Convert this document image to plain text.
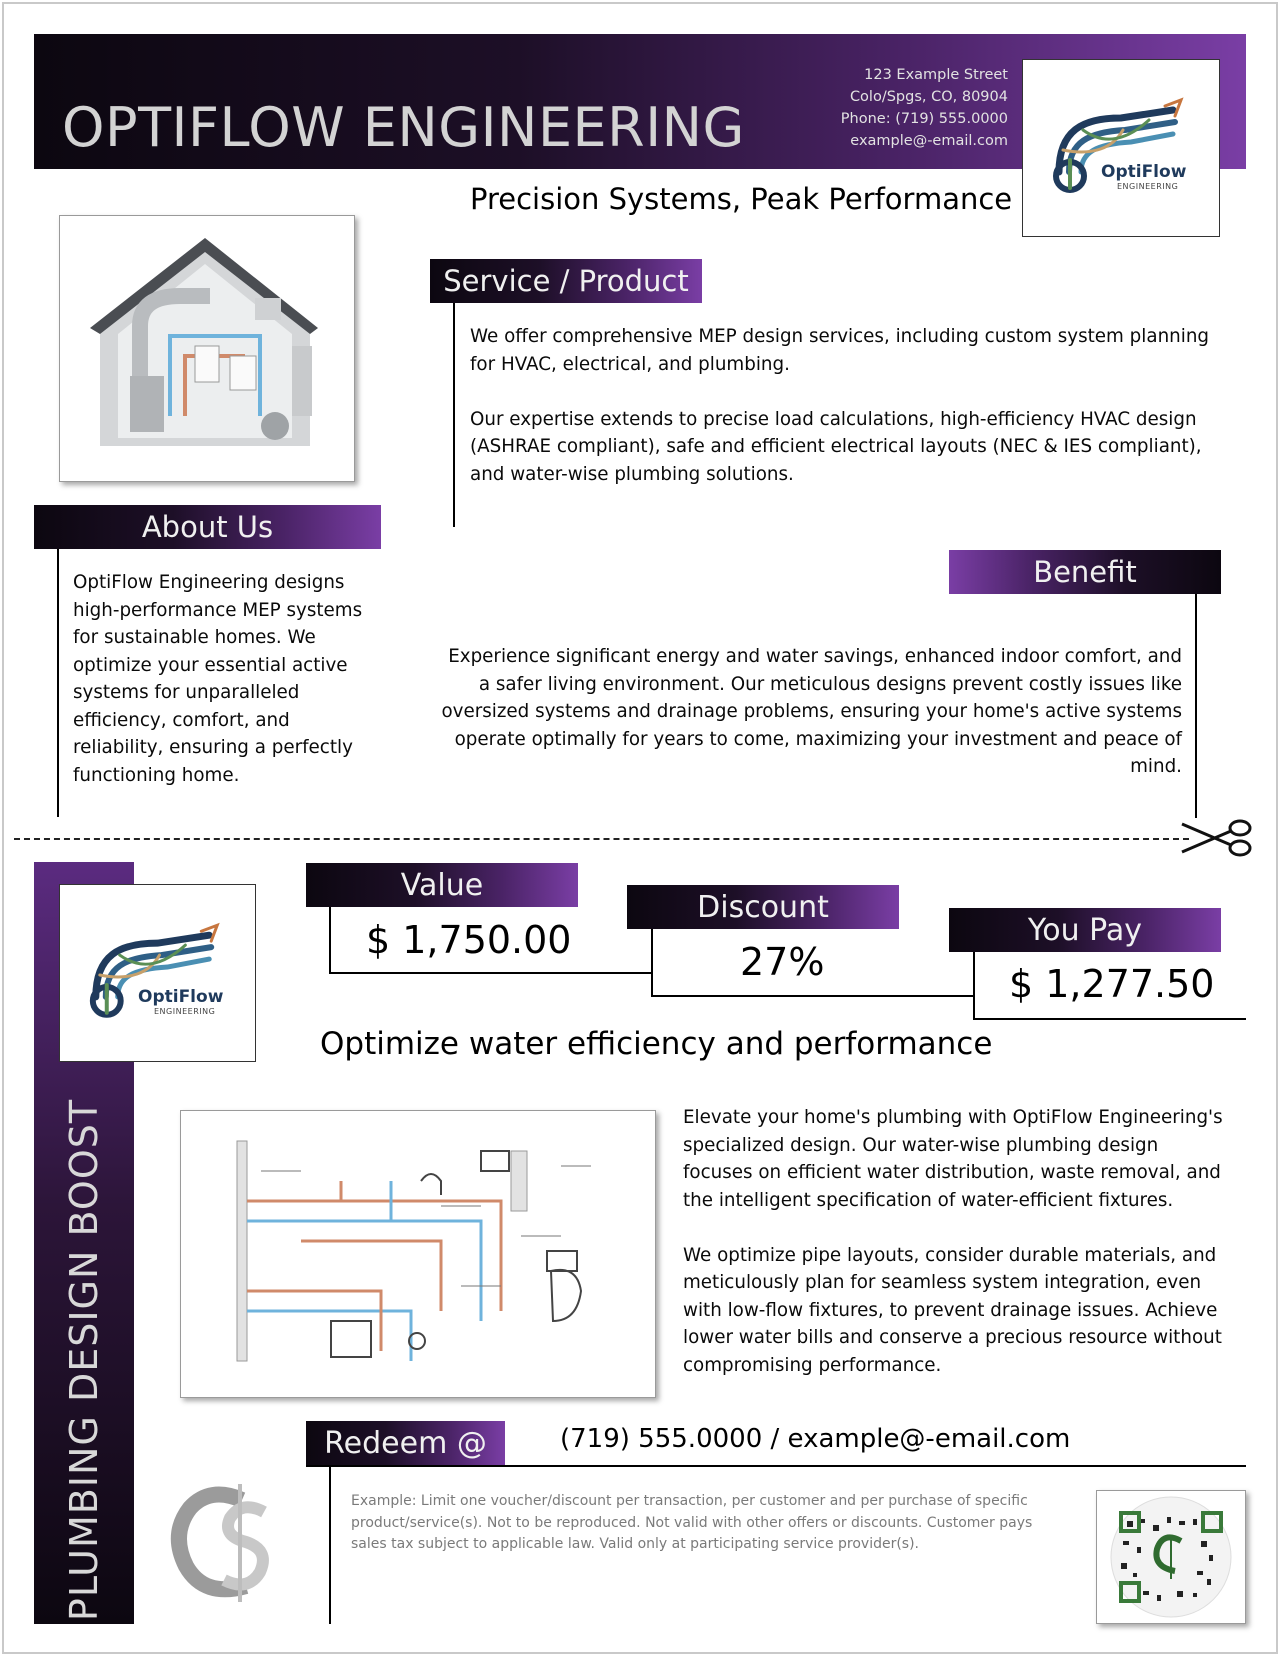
OPTIFLOW ENGINEERING
123 Example Street
Colo/Spgs, CO, 80904
Phone: (719) 555.0000
example@-email.com
OptiFlow
ENGINEERING
Precision Systems, Peak Performance
Service / Product
We offer comprehensive MEP design services, including custom system planning for HVAC, electrical, and plumbing.
Our expertise extends to precise load calculations, high-efficiency HVAC design (ASHRAE compliant), safe and efficient electrical layouts (NEC & IES compliant), and water-wise plumbing solutions.
About Us
OptiFlow Engineering designs high-performance MEP systems for sustainable homes. We optimize your essential active systems for unparalleled efficiency, comfort, and reliability, ensuring a perfectly functioning home.
Benefit
Experience significant energy and water savings, enhanced indoor comfort, and a safer living environment. Our meticulous designs prevent costly issues like oversized systems and drainage problems, ensuring your home's active systems operate optimally for years to come, maximizing your investment and peace of mind.
PLUMBING DESIGN BOOST
OptiFlow
ENGINEERING
Value
$ 1,750.00
Discount
27%
You Pay
$ 1,277.50
Optimize water efficiency and performance
Elevate your home's plumbing with OptiFlow Engineering's specialized design. Our water-wise plumbing design focuses on efficient water distribution, waste removal, and the intelligent specification of water-efficient fixtures.
We optimize pipe layouts, consider durable materials, and meticulously plan for seamless system integration, even with low-flow fixtures, to prevent drainage issues. Achieve lower water bills and conserve a precious resource without compromising performance.
Redeem @	(719) 555.0000 / example@-email.com
Example: Limit one voucher/discount per transaction, per customer and per purchase of specific product/service(s). Not to be reproduced. Not valid with other offers or discounts. Customer pays sales tax subject to applicable law. Valid only at participating service provider(s).
